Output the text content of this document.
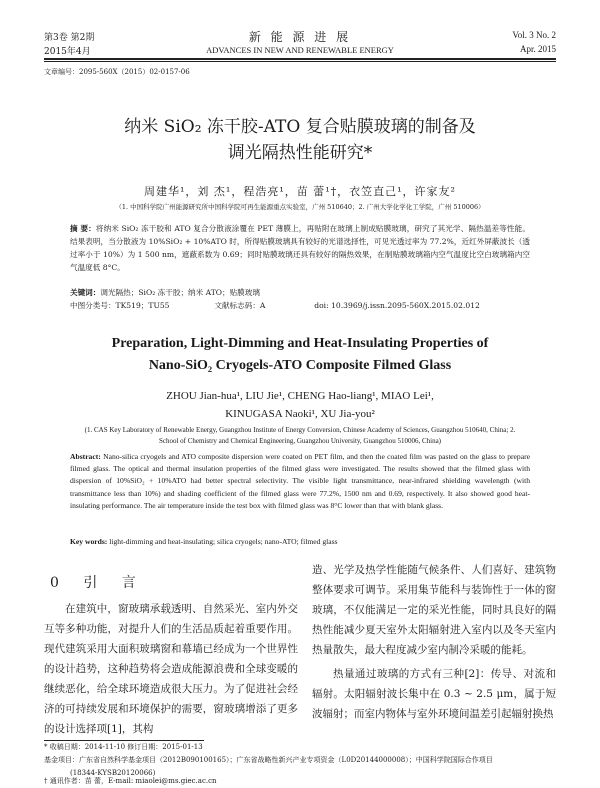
第3卷 第2期
2015年4月
新 能 源 进 展
ADVANCES IN NEW AND RENEWABLE ENERGY
Vol. 3 No. 2
Apr. 2015
文章编号：2095-560X（2015）02-0157-06
纳米 SiO₂ 冻干胶-ATO 复合贴膜玻璃的制备及
调光隔热性能研究*
周建华¹，刘 杰¹，程浩亮¹，苗 蕾¹†，衣笠直己¹，许家友²
（1. 中国科学院广州能源研究所中国科学院可再生能源重点实验室，广州 510640；2. 广州大学化学化工学院，广州 510006）
摘 要：将纳米 SiO₂ 冻干胶和 ATO 复合分散液涂覆在 PET 薄膜上，再贴附在玻璃上制成贴膜玻璃，研究了其光学、隔热温差等性能。结果表明，当分散液为 10%SiO₂ + 10%ATO 时，所得贴膜玻璃具有较好的光谱选择性，可见光透过率为 77.2%，近红外屏蔽波长（透过率小于 10%）为 1 500 nm，遮蔽系数为 0.69；同时贴膜玻璃还具有较好的隔热效果，在制贴膜玻璃箱内空气温度比空白玻璃箱内空气温度低 8°C。
关键词：调光隔热；SiO₂ 冻干胶；纳米 ATO；贴膜玻璃
中图分类号：TK519；TU55	文献标志码：A	doi: 10.3969/j.issn.2095-560X.2015.02.012
Preparation, Light-Dimming and Heat-Insulating Properties of
Nano-SiO₂ Cryogels-ATO Composite Filmed Glass
ZHOU Jian-hua¹, LIU Jie¹, CHENG Hao-liang¹, MIAO Lei¹,
KINUGASA Naoki¹, XU Jia-you²
(1. CAS Key Laboratory of Renewable Energy, Guangzhou Institute of Energy Conversion, Chinese Academy of Sciences, Guangzhou 510640, China; 2. School of Chemistry and Chemical Engineering, Guangzhou University, Guangzhou 510006, China)
Abstract: Nano-silica cryogels and ATO composite dispersion were coated on PET film, and then the coated film was pasted on the glass to prepare filmed glass. The optical and thermal insulation properties of the filmed glass were investigated. The results showed that the filmed glass with dispersion of 10%SiO₂ + 10%ATO had better spectral selectivity. The visible light transmittance, near-infrared shielding wavelength (with transmittance less than 10%) and shading coefficient of the filmed glass were 77.2%, 1500 nm and 0.69, respectively. It also showed good heat-insulating performance. The air temperature inside the test box with filmed glass was 8°C lower than that with blank glass.
Key words: light-dimming and heat-insulating; silica cryogels; nano-ATO; filmed glass
0 引 言
在建筑中，窗玻璃承载透明、自然采光、室内外交互等多种功能，对提升人们的生活品质起着重要作用。现代建筑采用大面积玻璃窗和幕墙已经成为一个世界性的设计趋势，这种趋势将会造成能源浪费和全球变暖的继续恶化，给全球环境造成很大压力。为了促进社会经济的可持续发展和环境保护的需要，窗玻璃增添了更多的设计选择项[1]，其构
造、光学及热学性能随气候条件、人们喜好、建筑物整体要求可调节。采用集节能科与装饰性于一体的窗玻璃，不仅能满足一定的采光性能，同时具良好的隔热性能减少夏天室外太阳辐射进入室内以及冬天室内热量散失，最大程度减少室内制冷采暖的能耗。
热量通过玻璃的方式有三种[2]：传导、对流和辐射。太阳辐射波长集中在 0.3 ~ 2.5 μm，属于短波辐射；而室内物体与室外环境间温差引起辐射换热
* 收稿日期：2014-11-10 修订日期：2015-01-13
基金项目：广东省自然科学基金项目（2012B090100165）；广东省战略性新兴产业专项资金（L0D20144000008）；中国科学院国际合作项目
(18344-KYSB20120066)
† 通讯作者：苗 蕾，E-mail: miaolei@ms.giec.ac.cn
